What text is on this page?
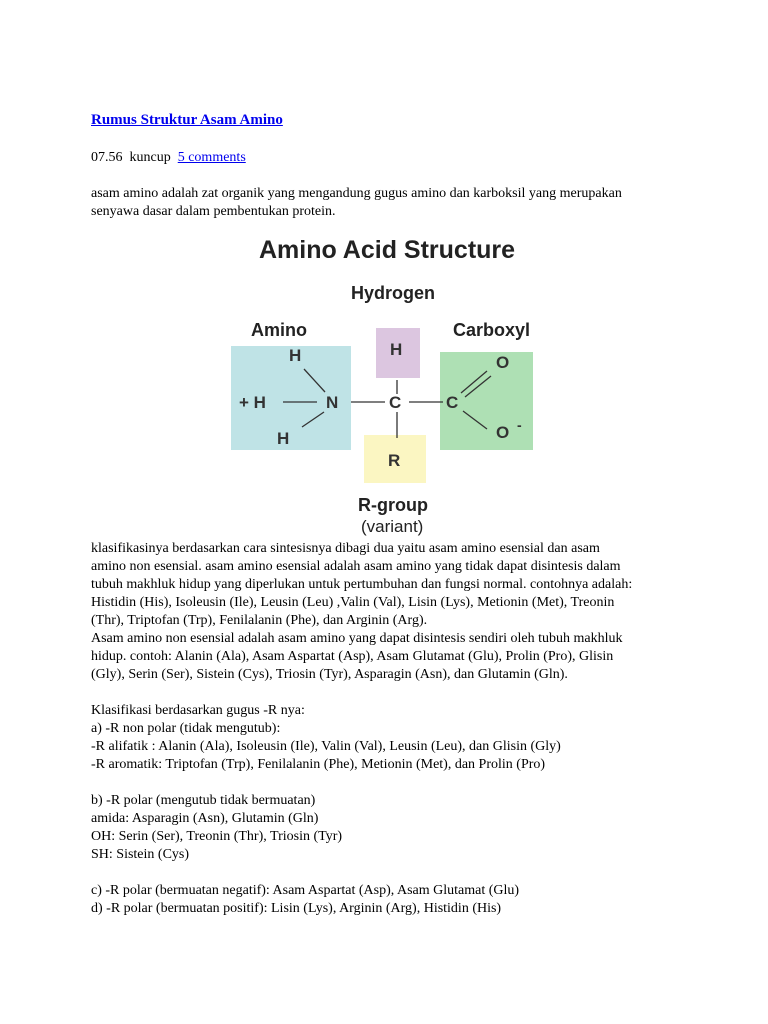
Rumus Struktur Asam Amino
07.56 kuncup 5 comments
asam amino adalah zat organik yang mengandung gugus amino dan karboksil yang merupakan
senyawa dasar dalam pembentukan protein.
Amino Acid Structure
Hydrogen
Amino	Carboxyl
+ H
H
H
N
H
C	C
O
O -
R
R-group
(variant)
klasifikasinya berdasarkan cara sintesisnya dibagi dua yaitu asam amino esensial dan asam
amino non esensial. asam amino esensial adalah asam amino yang tidak dapat disintesis dalam
tubuh makhluk hidup yang diperlukan untuk pertumbuhan dan fungsi normal. contohnya adalah:
Histidin (His), Isoleusin (Ile), Leusin (Leu) ,Valin (Val), Lisin (Lys), Metionin (Met), Treonin
(Thr), Triptofan (Trp), Fenilalanin (Phe), dan Arginin (Arg).
Asam amino non esensial adalah asam amino yang dapat disintesis sendiri oleh tubuh makhluk
hidup. contoh: Alanin (Ala), Asam Aspartat (Asp), Asam Glutamat (Glu), Prolin (Pro), Glisin
(Gly), Serin (Ser), Sistein (Cys), Triosin (Tyr), Asparagin (Asn), dan Glutamin (Gln).
Klasifikasi berdasarkan gugus -R nya:
a) -R non polar (tidak mengutub):
-R alifatik : Alanin (Ala), Isoleusin (Ile), Valin (Val), Leusin (Leu), dan Glisin (Gly)
-R aromatik: Triptofan (Trp), Fenilalanin (Phe), Metionin (Met), dan Prolin (Pro)
b) -R polar (mengutub tidak bermuatan)
amida: Asparagin (Asn), Glutamin (Gln)
OH: Serin (Ser), Treonin (Thr), Triosin (Tyr)
SH: Sistein (Cys)
c) -R polar (bermuatan negatif): Asam Aspartat (Asp), Asam Glutamat (Glu)
d) -R polar (bermuatan positif): Lisin (Lys), Arginin (Arg), Histidin (His)
